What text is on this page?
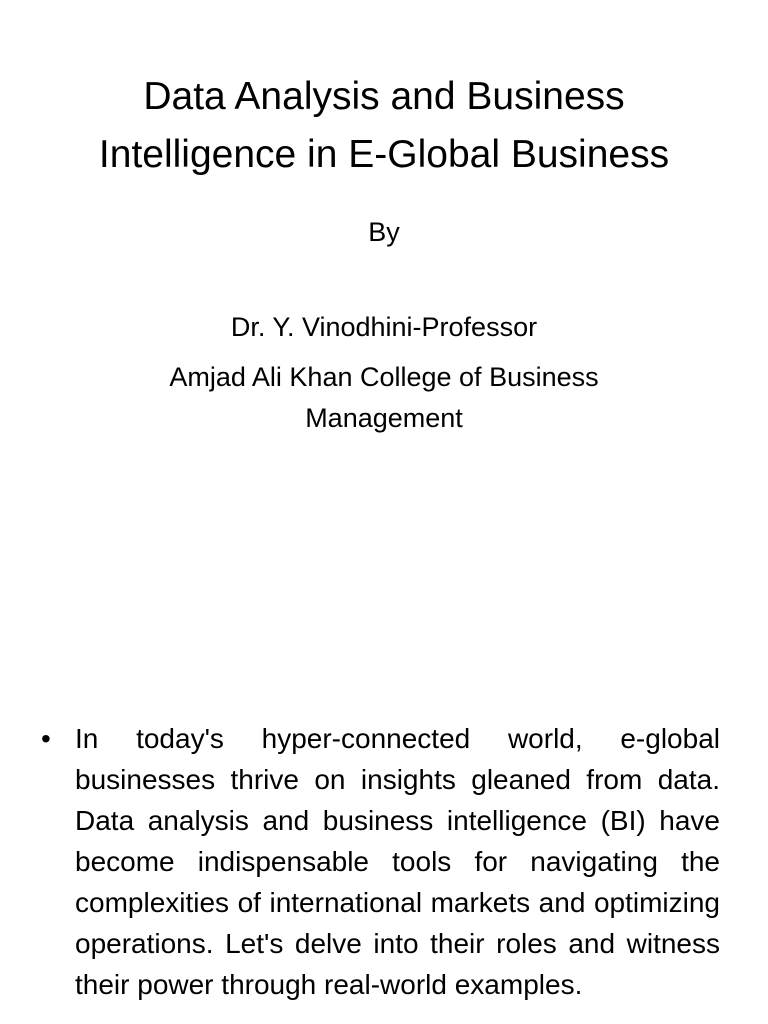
Data Analysis and Business
Intelligence in E-Global Business
By
Dr. Y. Vinodhini-Professor
Amjad Ali Khan College of Business Management
• In today's hyper-connected world, e-global businesses thrive on insights gleaned from data. Data analysis and business intelligence (BI) have become indispensable tools for navigating the complexities of international markets and optimizing operations. Let's delve into their roles and witness their power through real-world examples.
